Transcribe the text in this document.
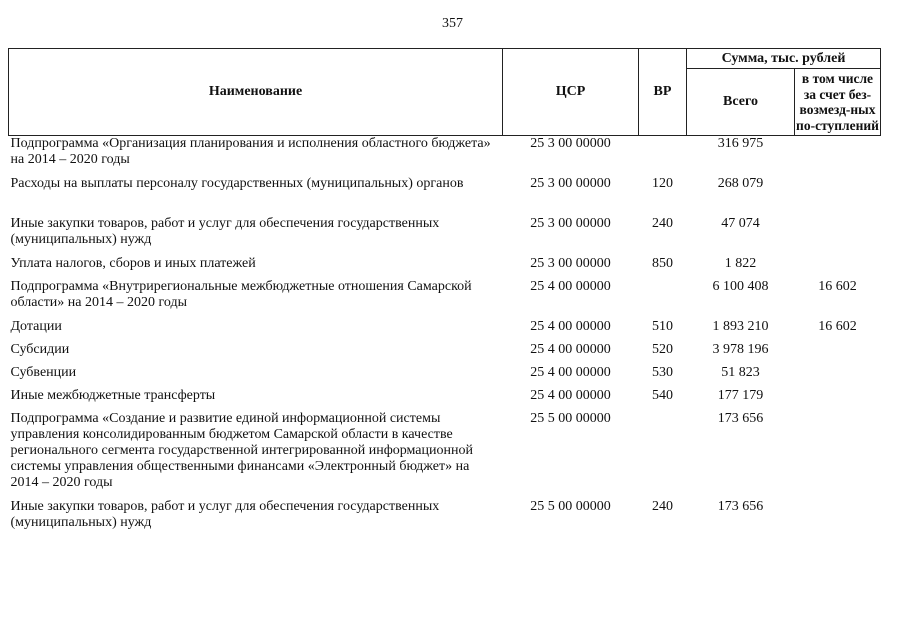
357
Наименование	ЦСР	ВР	Сумма, тыс. рублей	
			Всего	в том числе за счет без-возмезд-ных по-ступлений
Подпрограмма «Организация планирования и исполнения областного бюджета» на 2014 – 2020 годы	25 3 00 00000		316 975	
Расходы на выплаты персоналу государственных (муниципальных) органов	25 3 00 00000	120	268 079	
Иные закупки товаров, работ и услуг для обеспечения государственных (муниципальных) нужд	25 3 00 00000	240	47 074	
Уплата налогов, сборов и иных платежей	25 3 00 00000	850	1 822	
Подпрограмма «Внутрирегиональные межбюджетные отношения Самарской области» на 2014 – 2020 годы	25 4 00 00000		6 100 408	16 602
Дотации	25 4 00 00000	510	1 893 210	16 602
Субсидии	25 4 00 00000	520	3 978 196	
Субвенции	25 4 00 00000	530	51 823	
Иные межбюджетные трансферты	25 4 00 00000	540	177 179	
Подпрограмма «Создание и развитие единой информационной системы управления консолидированным бюджетом Самарской области в качестве регионального сегмента государственной интегрированной информационной системы управления общественными финансами «Электронный бюджет» на 2014 – 2020 годы	25 5 00 00000		173 656	
Иные закупки товаров, работ и услуг для обеспечения государственных (муниципальных) нужд	25 5 00 00000	240	173 656	
